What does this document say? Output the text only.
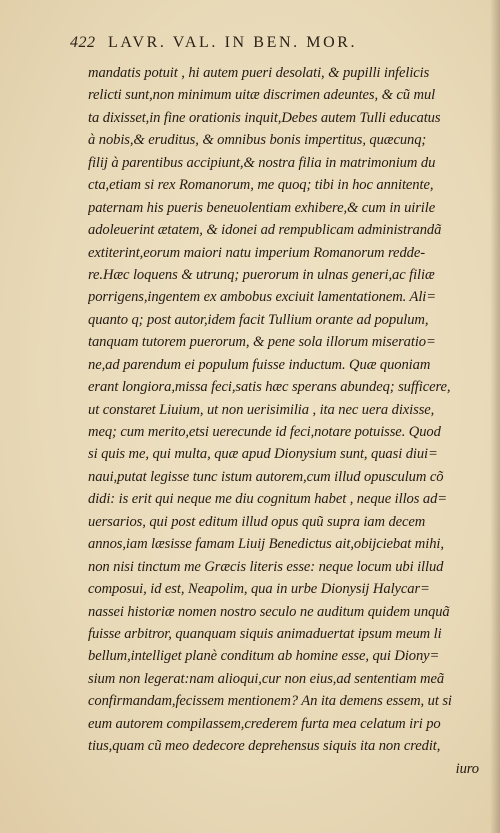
422 LAVR. VAL. IN BEN. MOR.
mandatis potuit , hi autem pueri desolati, & pupilli infelicis
relicti sunt,non minimum uitæ discrimen adeuntes, & cũ mul
ta dixisset,in fine orationis inquit,Debes autem Tulli educatus
à nobis,& eruditus, & omnibus bonis impertitus, quæcunq;
filij à parentibus accipiunt,& nostra filia in matrimonium du
cta,etiam si rex Romanorum, me quoq; tibi in hoc annitente,
paternam his pueris beneuolentiam exhibere,& cum in uirile
adoleuerint ætatem, & idonei ad rempublicam administrandã
extiterint,eorum maiori natu imperium Romanorum redde-
re.Hæc loquens & utrunq; puerorum in ulnas generi,ac filiæ
porrigens,ingentem ex ambobus exciuit lamentationem. Ali=
quanto q; post autor,idem facit Tullium orante ad populum,
tanquam tutorem puerorum, & pene sola illorum miseratio=
ne,ad parendum ei populum fuisse inductum. Quæ quoniam
erant longiora,missa feci,satis hæc sperans abundeq; sufficere,
ut constaret Liuium, ut non uerisimilia , ita nec uera dixisse,
meq; cum merito,etsi uerecunde id feci,notare potuisse. Quod
si quis me, qui multa, quæ apud Dionysium sunt, quasi diui=
naui,putat legisse tunc istum autorem,cum illud opusculum cõ
didi: is erit qui neque me diu cognitum habet , neque illos ad=
uersarios, qui post editum illud opus quũ supra iam decem
annos,iam læsisse famam Liuij Benedictus ait,obijciebat mihi,
non nisi tinctum me Græcis literis esse: neque locum ubi illud
composui, id est, Neapolim, qua in urbe Dionysij Halycar=
nassei historiæ nomen nostro seculo ne auditum quidem unquã
fuisse arbitror, quanquam siquis animaduertat ipsum meum li
bellum,intelliget planè conditum ab homine esse, qui Diony=
sium non legerat:nam alioqui,cur non eius,ad sententiam meã
confirmandam,fecissem mentionem? An ita demens essem, ut si
eum autorem compilassem,crederem furta mea celatum iri po
tius,quam cũ meo dedecore deprehensus siquis ita non credit,
iuro
